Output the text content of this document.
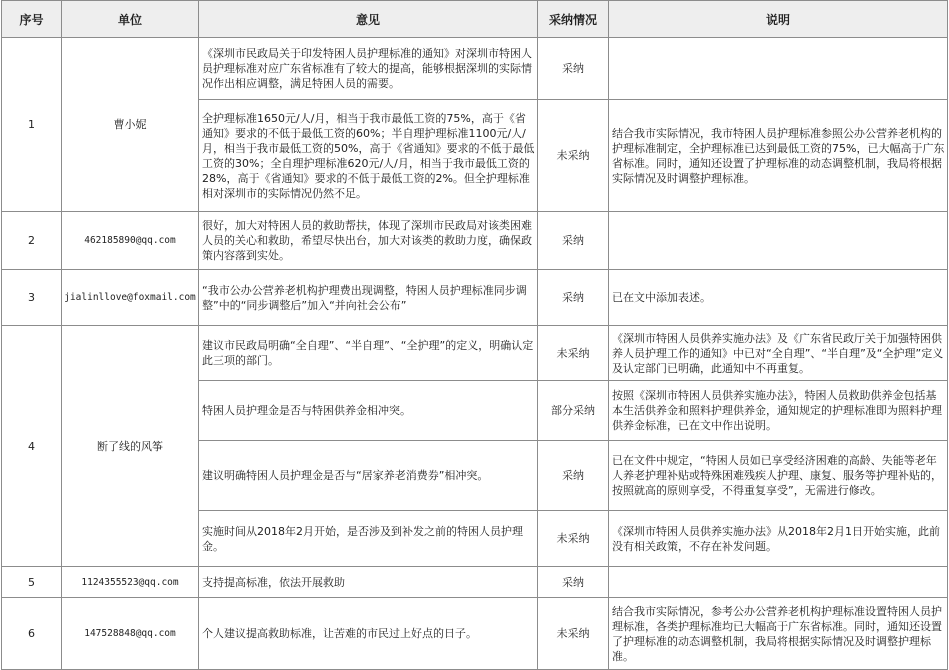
序号	单位	意见	采纳情况	说明
1	曹小妮	《深圳市民政局关于印发特困人员护理标准的通知》对深圳市特困人员护理标准对应广东省标准有了较大的提高，能够根据深圳的实际情况作出相应调整，满足特困人员的需要。	采纳	
		全护理标准1650元/人/月，相当于我市最低工资的75%，高于《省通知》要求的不低于最低工资的60%；半自理护理标准1100元/人/月，相当于我市最低工资的50%，高于《省通知》要求的不低于最低工资的30%；全自理护理标准620元/人/月，相当于我市最低工资的28%，高于《省通知》要求的不低于最低工资的2%。但全护理标准相对深圳市的实际情况仍然不足。	未采纳	结合我市实际情况，我市特困人员护理标准参照公办公营养老机构的护理标准制定，全护理标准已达到最低工资的75%，已大幅高于广东省标准。同时，通知还设置了护理标准的动态调整机制，我局将根据实际情况及时调整护理标准。
2	462185890@qq.com	很好，加大对特困人员的救助帮扶，体现了深圳市民政局对该类困难人员的关心和救助，希望尽快出台，加大对该类的救助力度，确保政策内容落到实处。	采纳	
3	jialinllove@foxmail.com	“我市公办公营养老机构护理费出现调整，特困人员护理标准同步调整”中的“同步调整后”加入“并向社会公布”	采纳	已在文中添加表述。
4	断了线的风筝	建议市民政局明确“全自理”、“半自理”、“全护理”的定义，明确认定此三项的部门。	未采纳	《深圳市特困人员供养实施办法》及《广东省民政厅关于加强特困供养人员护理工作的通知》中已对“全自理”、“半自理”及“全护理”定义及认定部门已明确，此通知中不再重复。
		特困人员护理金是否与特困供养金相冲突。	部分采纳	按照《深圳市特困人员供养实施办法》，特困人员救助供养金包括基本生活供养金和照料护理供养金，通知规定的护理标准即为照料护理供养金标准，已在文中作出说明。
		建议明确特困人员护理金是否与“居家养老消费券”相冲突。	采纳	已在文件中规定，“特困人员如已享受经济困难的高龄、失能等老年人养老护理补贴或特殊困难残疾人护理、康复、服务等护理补贴的，按照就高的原则享受，不得重复享受”，无需进行修改。
		实施时间从2018年2月开始，是否涉及到补发之前的特困人员护理金。	未采纳	《深圳市特困人员供养实施办法》从2018年2月1日开始实施，此前没有相关政策，不存在补发问题。
5	1124355523@qq.com	支持提高标准，依法开展救助	采纳	
6	147528848@qq.com	个人建议提高救助标准，让苦难的市民过上好点的日子。	未采纳	结合我市实际情况，参考公办公营养老机构护理标准设置特困人员护理标准，各类护理标准均已大幅高于广东省标准。同时，通知还设置了护理标准的动态调整机制，我局将根据实际情况及时调整护理标准。
